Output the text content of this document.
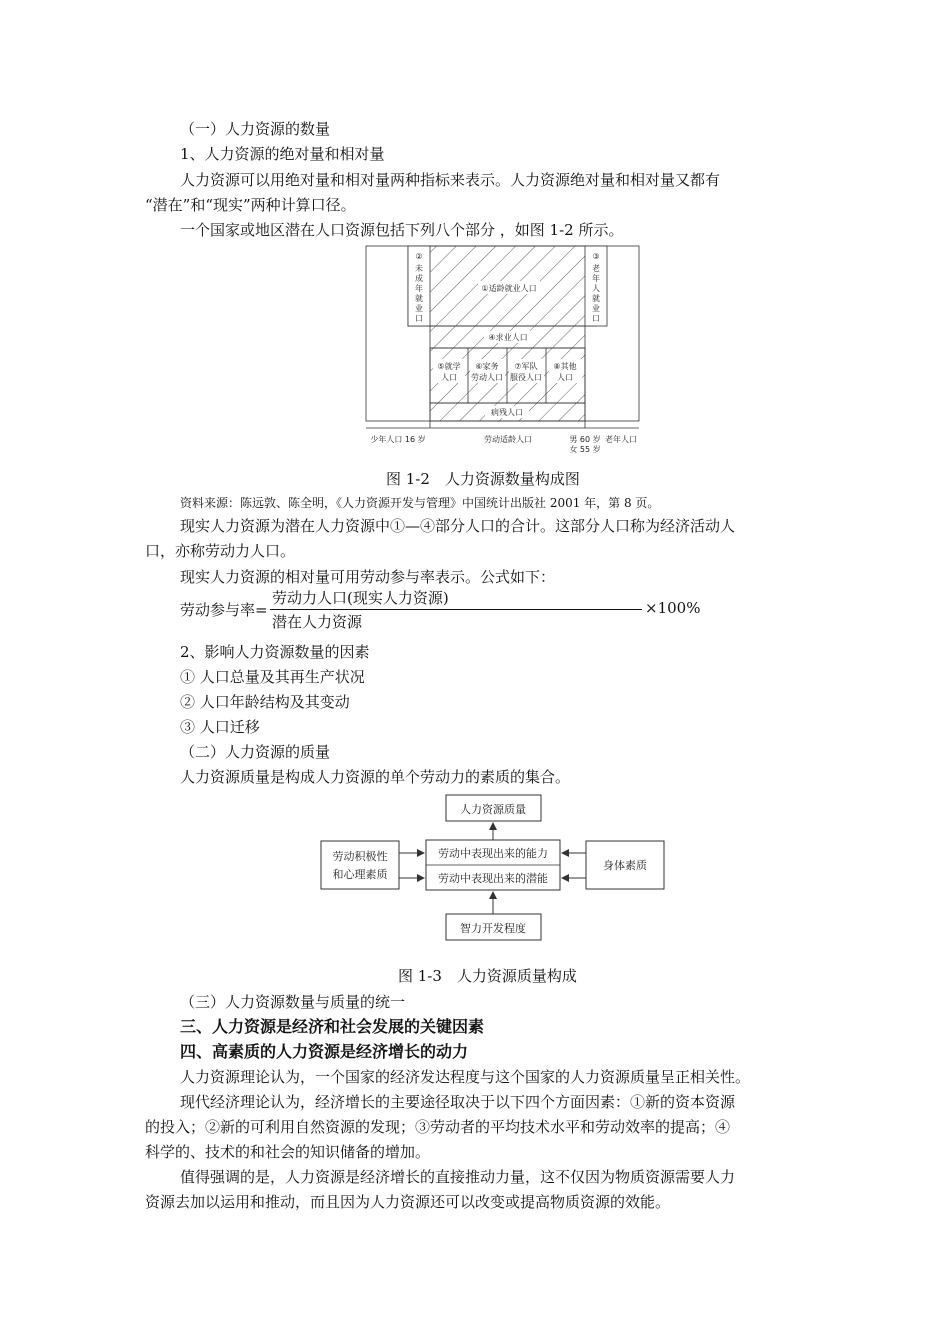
（一）人力资源的数量
1、人力资源的绝对量和相对量
人力资源可以用绝对量和相对量两种指标来表示。人力资源绝对量和相对量又都有
“潜在”和“现实”两种计算口径。
一个国家或地区潜在人口资源包括下列八个部分 ，如图 1-2 所示。
②
未
成
年
就
业
口
③
老
年
人
就
业
口
①适龄就业人口
④求业人口
⑤就学
人口
⑥家务
劳动人口
⑦军队
服役人口
⑧其他
人口
病残人口
少年人口 16 岁	劳动适龄人口	男 60 岁
女 55 岁
老年人口
图 1-2　人力资源数量构成图
资料来源：陈远敦、陈全明，《人力资源开发与管理》中国统计出版社 2001 年，第 8 页。
现实人力资源为潜在人力资源中①—④部分人口的合计。这部分人口称为经济活动人
口，亦称劳动力人口。
现实人力资源的相对量可用劳动参与率表示。公式如下：
劳动参与率=
劳动力人口(现实人力资源)
潜在人力资源
×100%
2、影响人力资源数量的因素
① 人口总量及其再生产状况
② 人口年龄结构及其变动
③ 人口迁移
（二）人力资源的质量
人力资源质量是构成人力资源的单个劳动力的素质的集合。
人力资源质量
劳动中表现出来的能力
劳动中表现出来的潜能
劳动积极性
和心理素质
身体素质
智力开发程度
图 1-3　人力资源质量构成
（三）人力资源数量与质量的统一
三、人力资源是经济和社会发展的关键因素
四、高素质的人力资源是经济增长的动力
人力资源理论认为，一个国家的经济发达程度与这个国家的人力资源质量呈正相关性。
现代经济理论认为，经济增长的主要途径取决于以下四个方面因素：①新的资本资源
的投入；②新的可利用自然资源的发现；③劳动者的平均技术水平和劳动效率的提高；④
科学的、技术的和社会的知识储备的增加。
值得强调的是，人力资源是经济增长的直接推动力量，这不仅因为物质资源需要人力
资源去加以运用和推动，而且因为人力资源还可以改变或提高物质资源的效能。
